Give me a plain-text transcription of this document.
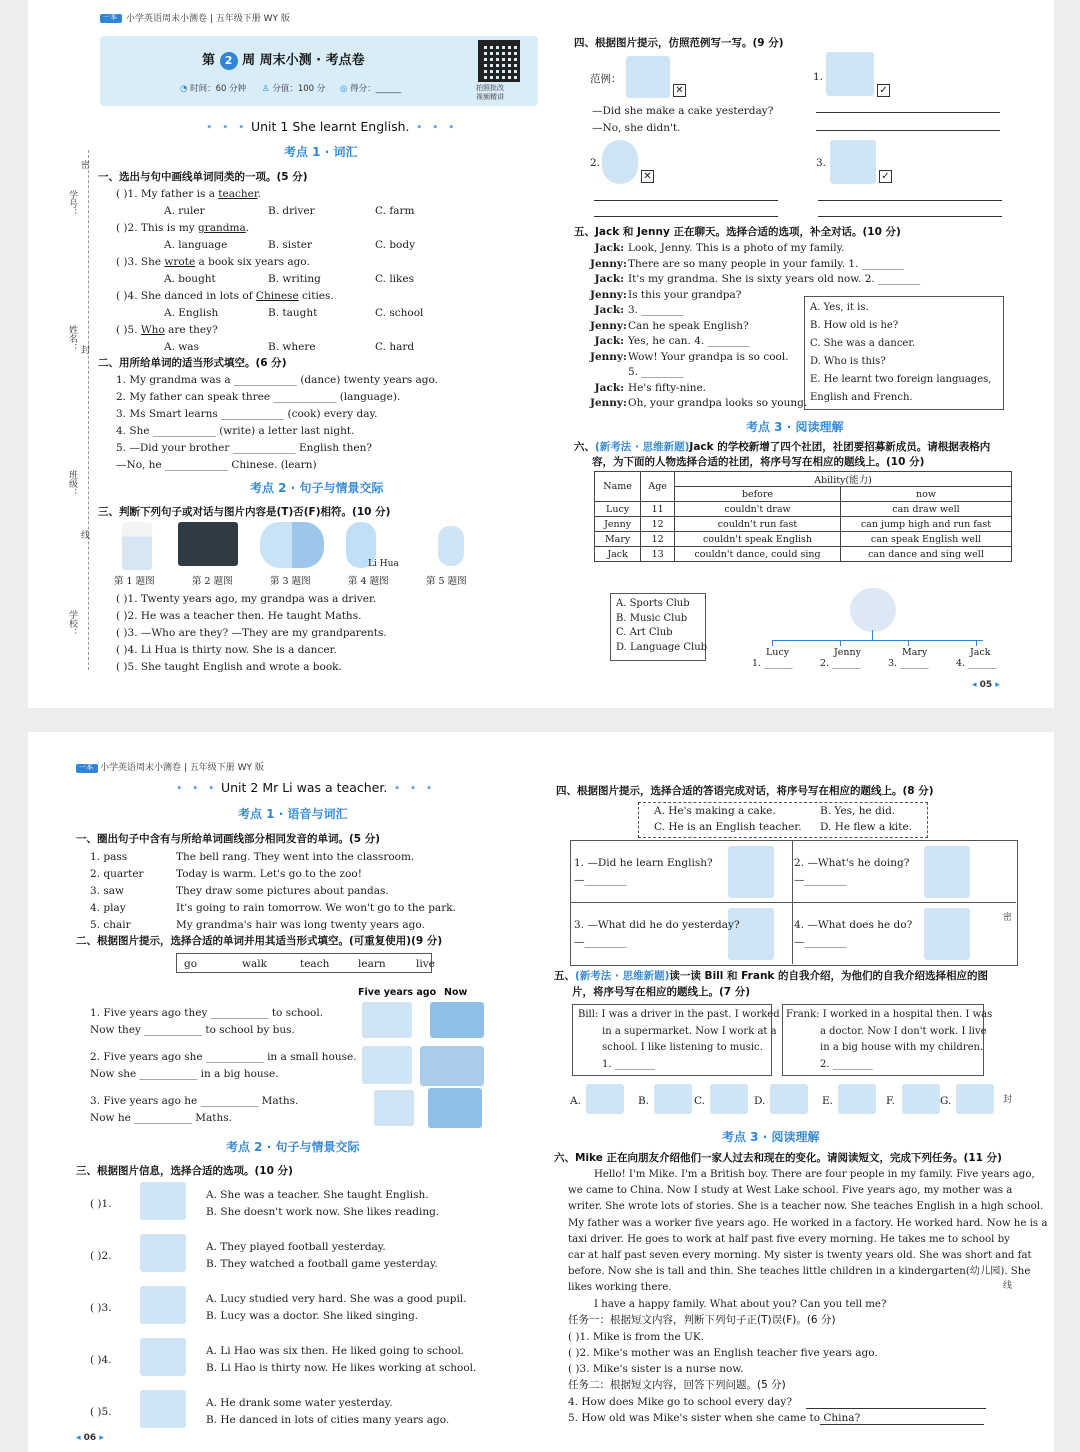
一本 小学英语周末小测卷 | 五年级下册 WY 版
第 2 周 周末小测 · 考点卷
◔ 时间：60 分钟 ♙ 分值：100 分 ◎ 得分：______	拍照批改
视频精讲
密
学号：
姓名： 封
班级：
线
学校：
• • • Unit 1 She learnt English. • • •
考点 1 · 词汇
一、选出与句中画线单词同类的一项。(5 分)
二、用所给单词的适当形式填空。(6 分)
考点 2 · 句子与情景交际
三、判断下列句子或对话与图片内容是(T)否(F)相符。(10 分)
Li Hua
四、根据图片提示，仿照范例写一写。(9 分)
范例：
✕
—Did she make a cake yesterday?
—No, she didn't.
1.
✓
2.
✕
3.
✓
五、Jack 和 Jenny 正在聊天。选择合适的选项，补全对话。(10 分)
考点 3 · 阅读理解
六、(新考法 · 思维新题)Jack 的学校新增了四个社团，社团要招募新成员。请根据表格内
容，为下面的人物选择合适的社团，将序号写在相应的题线上。(10 分)
Name	Age	Ability(能力)	
		before	now
Lucy	11	couldn't draw	can draw well
Jenny	12	couldn't run fast	can jump high and run fast
Mary	12	couldn't speak English	can speak English well
Jack	13	couldn't dance, could sing	can dance and sing well
◂ 05 ▸
( )1. My father is a teacher.
A. ruler	B. driver	C. farm
( )2. This is my grandma.
A. language	B. sister	C. body
( )3. She wrote a book six years ago.
A. bought	B. writing	C. likes
( )4. She danced in lots of Chinese cities.
A. English	B. taught	C. school
( )5. Who are they?
A. was	B. where	C. hard
1. My grandma was a ____________ (dance) twenty years ago.
2. My father can speak three ____________ (language).
3. Ms Smart learns ____________ (cook) every day.
4. She ____________ (write) a letter last night.
5. —Did your brother ____________ English then?
—No, he ____________ Chinese. (learn)
第 1 题图	第 2 题图	第 3 题图	第 4 题图	第 5 题图
( )1. Twenty years ago, my grandpa was a driver.
( )2. He was a teacher then. He taught Maths.
( )3. —Who are they? —They are my grandparents.
( )4. Li Hua is thirty now. She is a dancer.
( )5. She taught English and wrote a book.
Jack: Look, Jenny. This is a photo of my family.
Jenny: There are so many people in your family. 1. ________
Jack: It's my grandma. She is sixty years old now. 2. ________
Jenny: Is this your grandpa?
Jack: 3. ________
Jenny: Can he speak English?
Jack: Yes, he can. 4. ________
Jenny: Wow! Your grandpa is so cool.
5. ________
Jack: He's fifty-nine.
Jenny: Oh, your grandpa looks so young.
A. Yes, it is.
B. How old is he?
C. She was a dancer.
D. Who is this?
E. He learnt two foreign languages,
English and French.
A. Sports Club
B. Music Club
C. Art Club
D. Language Club	Lucy
1. ______
Jenny
2. ______
Mary
3. ______
Jack
4. ______
一本 小学英语周末小测卷 | 五年级下册 WY 版
• • • Unit 2 Mr Li was a teacher. • • •
考点 1 · 语音与词汇
一、圈出句子中含有与所给单词画线部分相同发音的单词。(5 分)
二、根据图片提示，选择合适的单词并用其适当形式填空。(可重复使用)(9 分)
Five years ago Now
考点 2 · 句子与情景交际
三、根据图片信息，选择合适的选项。(10 分)
四、根据图片提示，选择合适的答语完成对话，将序号写在相应的题线上。(8 分)
五、(新考法 · 思维新题)读一读 Bill 和 Frank 的自我介绍，为他们的自我介绍选择相应的图
片，将序号写在相应的题线上。(7 分)
考点 3 · 阅读理解
六、Mike 正在向朋友介绍他们一家人过去和现在的变化。请阅读短文，完成下列任务。(11 分)
任务一：根据短文内容，判断下列句子正(T)误(F)。(6 分)
任务二：根据短文内容，回答下列问题。(5 分)
密
封
线
◂ 06 ▸
1. pass	The bell rang. They went into the classroom.
2. quarter	Today is warm. Let's go to the zoo!
3. saw	They draw some pictures about pandas.
4. play	It's going to rain tomorrow. We won't go to the park.
5. chair	My grandma's hair was long twenty years ago.
go	walk	teach	learn	live
1. Five years ago they ___________ to school.
Now they ___________ to school by bus.
2. Five years ago she ___________ in a small house.
Now she ___________ in a big house.
3. Five years ago he ___________ Maths.
Now he ___________ Maths.
( )1.
A. She was a teacher. She taught English.
B. She doesn't work now. She likes reading.
( )2.
A. They played football yesterday.
B. They watched a football game yesterday.
( )3.
A. Lucy studied very hard. She was a good pupil.
B. Lucy was a doctor. She liked singing.
( )4.
A. Li Hao was six then. He liked going to school.
B. Li Hao is thirty now. He likes working at school.
( )5.
A. He drank some water yesterday.
B. He danced in lots of cities many years ago.
A. He's making a cake.	B. Yes, he did.
C. He is an English teacher. D. He flew a kite.
1. —Did he learn English?
—________
2. —What's he doing?
—________
3. —What did he do yesterday?
—________
4. —What does he do?
—________
Bill: I was a driver in the past. I worked
in a supermarket. Now I work at a
school. I like listening to music.
1. ________
Frank: I worked in a hospital then. I was
a doctor. Now I don't work. I live
in a big house with my children.
2. ________
A.	B.	C.	D.	E.	F.	G.
Hello! I'm Mike. I'm a British boy. There are four people in my family. Five years ago,
we came to China. Now I study at West Lake school. Five years ago, my mother was a
writer. She wrote lots of stories. She is a teacher now. She teaches English in a high school.
My father was a worker five years ago. He worked in a factory. He worked hard. Now he is a
taxi driver. He goes to work at half past five every morning. He takes me to school by
car at half past seven every morning. My sister is twenty years old. She was short and fat
before. Now she is tall and thin. She teaches little children in a kindergarten(幼儿园). She
likes working there.
I have a happy family. What about you? Can you tell me?
( )1. Mike is from the UK.
( )2. Mike's mother was an English teacher five years ago.
( )3. Mike's sister is a nurse now.
4. How does Mike go to school every day?
5. How old was Mike's sister when she came to China?
